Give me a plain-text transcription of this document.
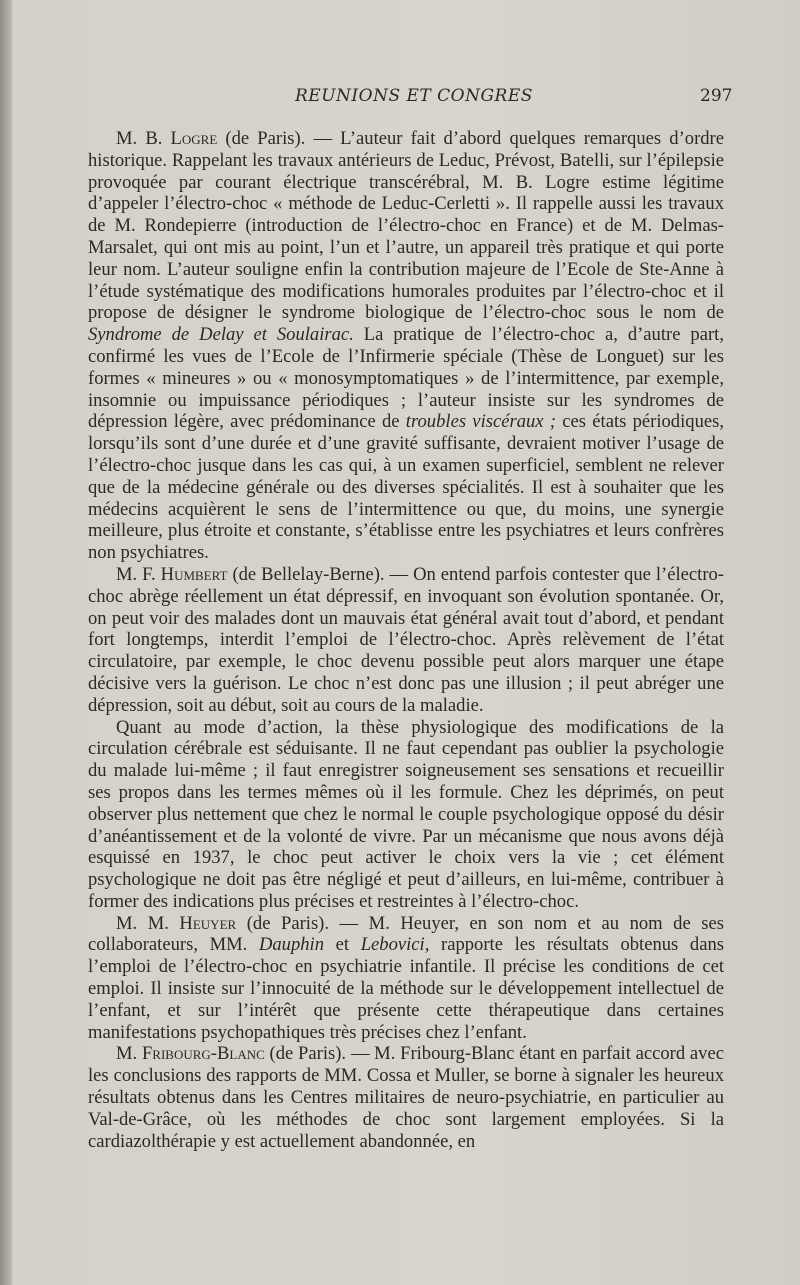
REUNIONS ET CONGRES	297

M. B. Logre (de Paris). — L’auteur fait d’abord quelques remarques d’ordre historique. Rappelant les travaux antérieurs de Leduc, Prévost, Batelli, sur l’épilepsie provoquée par courant électrique transcérébral, M. B. Logre estime légitime d’appeler l’électro-choc « méthode de Leduc-Cerletti ». Il rappelle aussi les travaux de M. Rondepierre (introduction de l’électro-choc en France) et de M. Delmas-Marsalet, qui ont mis au point, l’un et l’autre, un appareil très pratique et qui porte leur nom. L’auteur souligne enfin la contribution majeure de l’Ecole de Ste-Anne à l’étude systématique des modifications humorales produites par l’électro-choc et il propose de désigner le syndrome biologique de l’électro-choc sous le nom de Syndrome de Delay et Soulairac. La pratique de l’électro-choc a, d’autre part, confirmé les vues de l’Ecole de l’Infirmerie spéciale (Thèse de Longuet) sur les formes « mineures » ou « monosymptomatiques » de l’intermittence, par exemple, insomnie ou impuissance périodiques ; l’auteur insiste sur les syndromes de dépression légère, avec prédominance de troubles viscéraux ; ces états périodiques, lorsqu’ils sont d’une durée et d’une gravité suffisante, devraient motiver l’usage de l’électro-choc jusque dans les cas qui, à un examen superficiel, semblent ne relever que de la médecine générale ou des diverses spécialités. Il est à souhaiter que les médecins acquièrent le sens de l’intermittence ou que, du moins, une synergie meilleure, plus étroite et constante, s’établisse entre les psychiatres et leurs confrères non psychiatres.

M. F. Humbert (de Bellelay-Berne). — On entend parfois contester que l’électro-choc abrège réellement un état dépressif, en invoquant son évolution spontanée. Or, on peut voir des malades dont un mauvais état général avait tout d’abord, et pendant fort longtemps, interdit l’emploi de l’électro-choc. Après relèvement de l’état circulatoire, par exemple, le choc devenu possible peut alors marquer une étape décisive vers la guérison. Le choc n’est donc pas une illusion ; il peut abréger une dépression, soit au début, soit au cours de la maladie.

Quant au mode d’action, la thèse physiologique des modifications de la circulation cérébrale est séduisante. Il ne faut cependant pas oublier la psychologie du malade lui-même ; il faut enregistrer soigneusement ses sensations et recueillir ses propos dans les termes mêmes où il les formule. Chez les déprimés, on peut observer plus nettement que chez le normal le couple psychologique opposé du désir d’anéantissement et de la volonté de vivre. Par un mécanisme que nous avons déjà esquissé en 1937, le choc peut activer le choix vers la vie ; cet élément psychologique ne doit pas être négligé et peut d’ailleurs, en lui-même, contribuer à former des indications plus précises et restreintes à l’électro-choc.

M. M. Heuyer (de Paris). — M. Heuyer, en son nom et au nom de ses collaborateurs, MM. Dauphin et Lebovici, rapporte les résultats obtenus dans l’emploi de l’électro-choc en psychiatrie infantile. Il précise les conditions de cet emploi. Il insiste sur l’innocuité de la méthode sur le développement intellectuel de l’enfant, et sur l’intérêt que présente cette thérapeutique dans certaines manifestations psychopathiques très précises chez l’enfant.

M. Fribourg-Blanc (de Paris). — M. Fribourg-Blanc étant en parfait accord avec les conclusions des rapports de MM. Cossa et Muller, se borne à signaler les heureux résultats obtenus dans les Centres militaires de neuro-psychiatrie, en particulier au Val-de-Grâce, où les méthodes de choc sont largement employées. Si la cardiazolthérapie y est actuellement abandonnée, en
